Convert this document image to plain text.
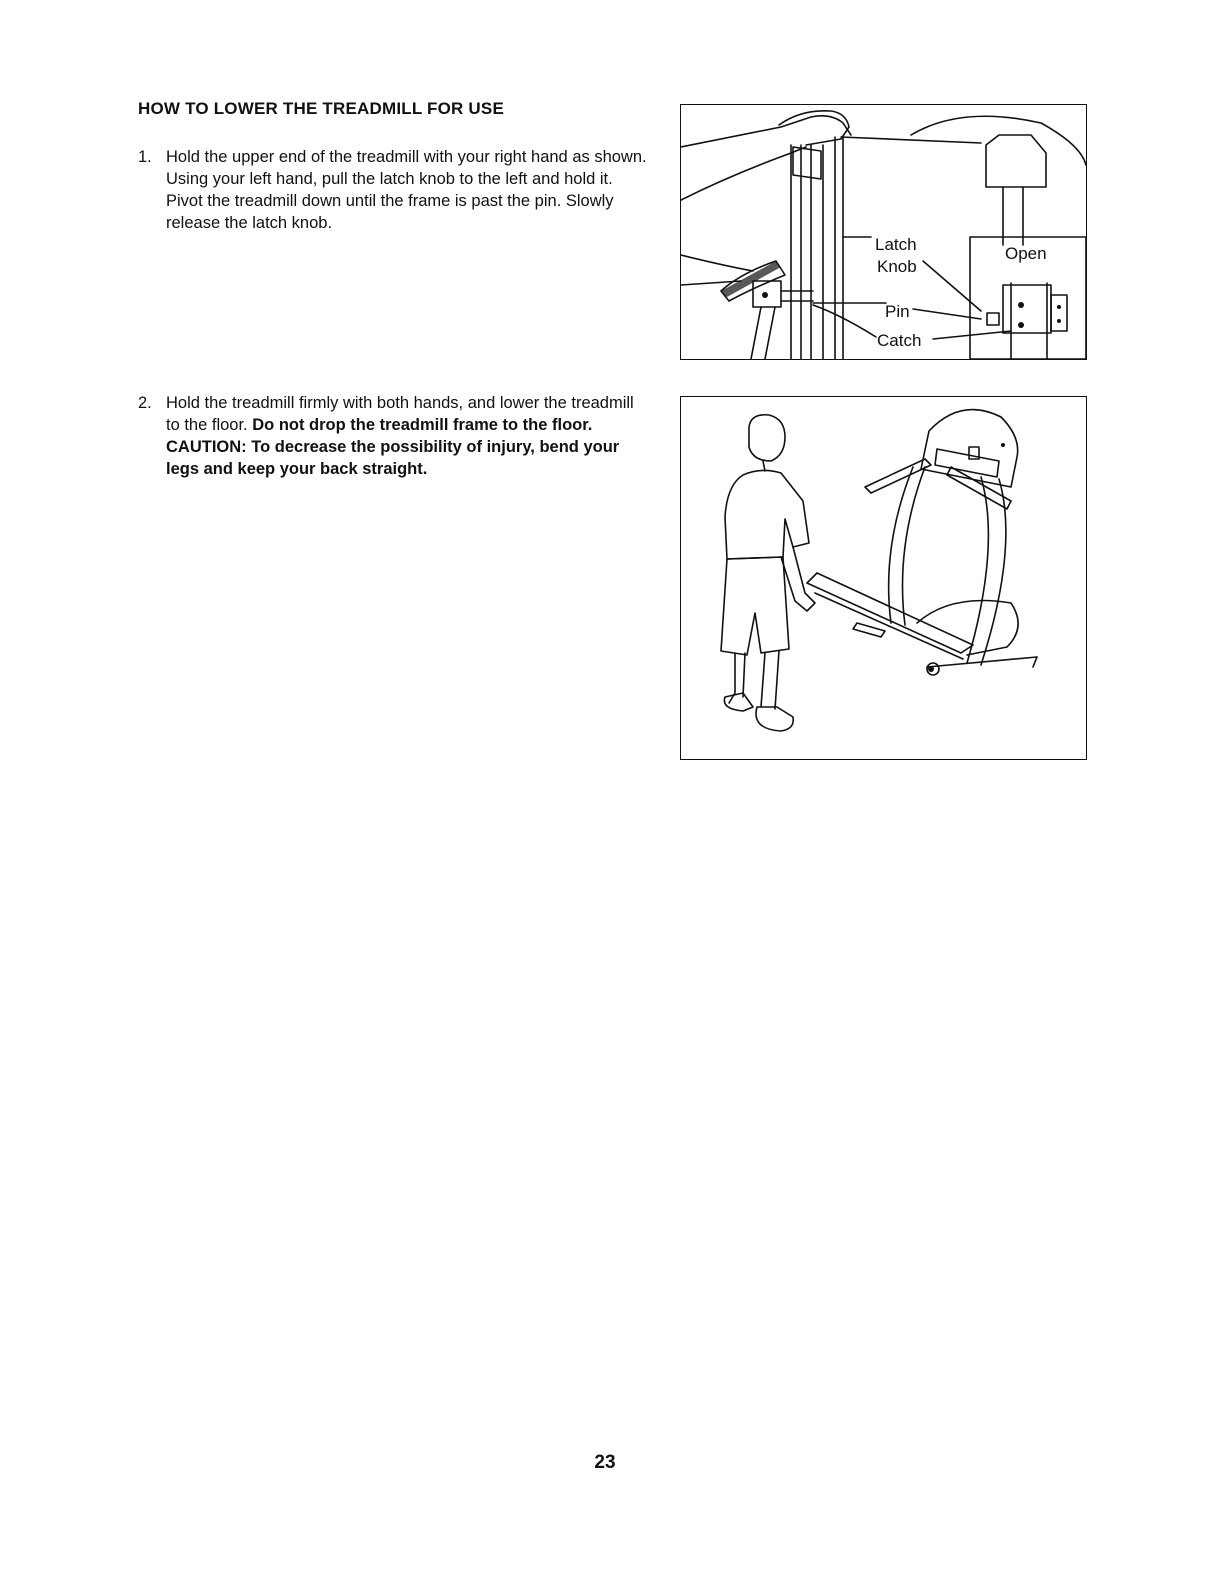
HOW TO LOWER THE TREADMILL FOR USE
1. Hold the upper end of the treadmill with your right hand as shown. Using your left hand, pull the latch knob to the left and hold it. Pivot the treadmill down until the frame is past the pin. Slowly release the latch knob.
2. Hold the treadmill firmly with both hands, and lower the treadmill to the floor. Do not drop the treadmill frame to the floor. CAUTION: To decrease the possibility of injury, bend your legs and keep your back straight.
Latch
Knob
Pin
Catch
Open
23
